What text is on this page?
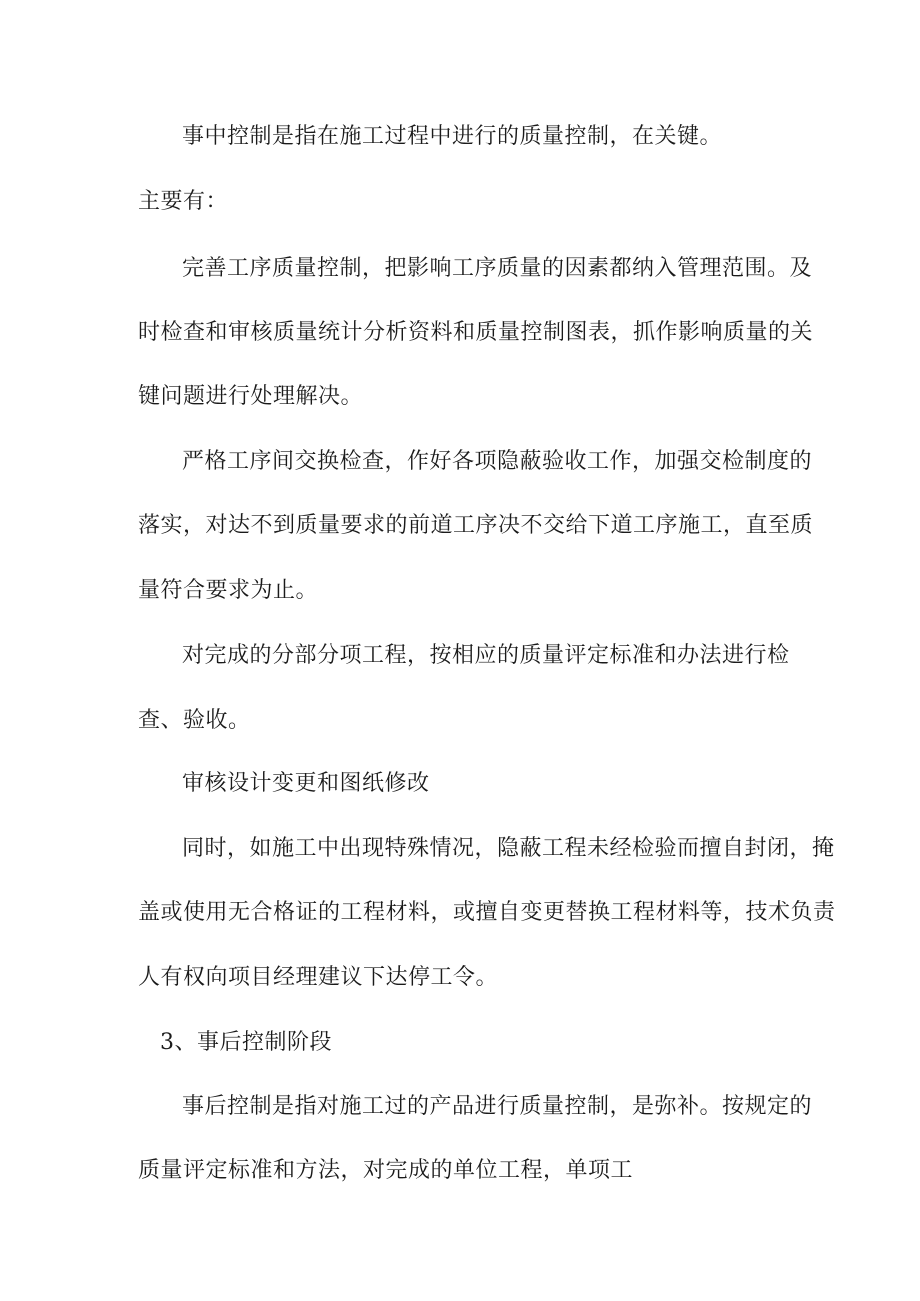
事中控制是指在施工过程中进行的质量控制，在关键。
主要有：
完善工序质量控制，把影响工序质量的因素都纳入管理范围。及
时检查和审核质量统计分析资料和质量控制图表，抓作影响质量的关
键问题进行处理解决。
严格工序间交换检查，作好各项隐蔽验收工作，加强交检制度的
落实，对达不到质量要求的前道工序决不交给下道工序施工，直至质
量符合要求为止。
对完成的分部分项工程，按相应的质量评定标准和办法进行检
查、验收。
审核设计变更和图纸修改
同时，如施工中出现特殊情况，隐蔽工程未经检验而擅自封闭，掩
盖或使用无合格证的工程材料，或擅自变更替换工程材料等，技术负责
人有权向项目经理建议下达停工令。
3、事后控制阶段
事后控制是指对施工过的产品进行质量控制，是弥补。按规定的
质量评定标准和方法，对完成的单位工程，单项工
